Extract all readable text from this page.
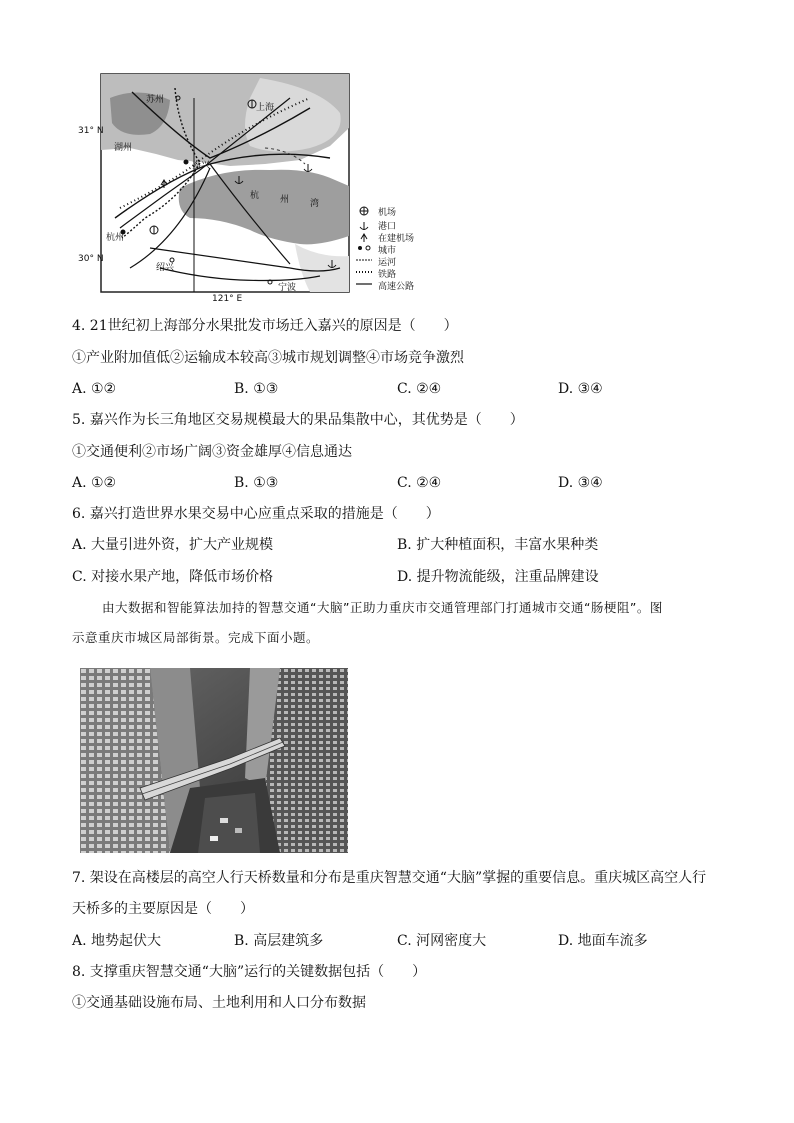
31° N
30° N
121° E
苏州
上海
湖州
嘉兴
杭州
绍兴
宁波
杭 州 湾
机场
港口
在建机场
城市
运河
铁路
高速公路
4. 21世纪初上海部分水果批发市场迁入嘉兴的原因是（　　）
①产业附加值低②运输成本较高③城市规划调整④市场竞争激烈
A. ①②	B. ①③	C. ②④	D. ③④
5. 嘉兴作为长三角地区交易规模最大的果品集散中心，其优势是（　　）
①交通便利②市场广阔③资金雄厚④信息通达
A. ①②	B. ①③	C. ②④	D. ③④
6. 嘉兴打造世界水果交易中心应重点采取的措施是（　　）
A. 大量引进外资，扩大产业规模	B. 扩大种植面积，丰富水果种类
C. 对接水果产地，降低市场价格	D. 提升物流能级，注重品牌建设
由大数据和智能算法加持的智慧交通“大脑”正助力重庆市交通管理部门打通城市交通“肠梗阻”。图
示意重庆市城区局部街景。完成下面小题。
7. 架设在高楼层的高空人行天桥数量和分布是重庆智慧交通“大脑”掌握的重要信息。重庆城区高空人行
天桥多的主要原因是（　　）
A. 地势起伏大	B. 高层建筑多	C. 河网密度大	D. 地面车流多
8. 支撑重庆智慧交通“大脑”运行的关键数据包括（　　）
①交通基础设施布局、土地利用和人口分布数据
